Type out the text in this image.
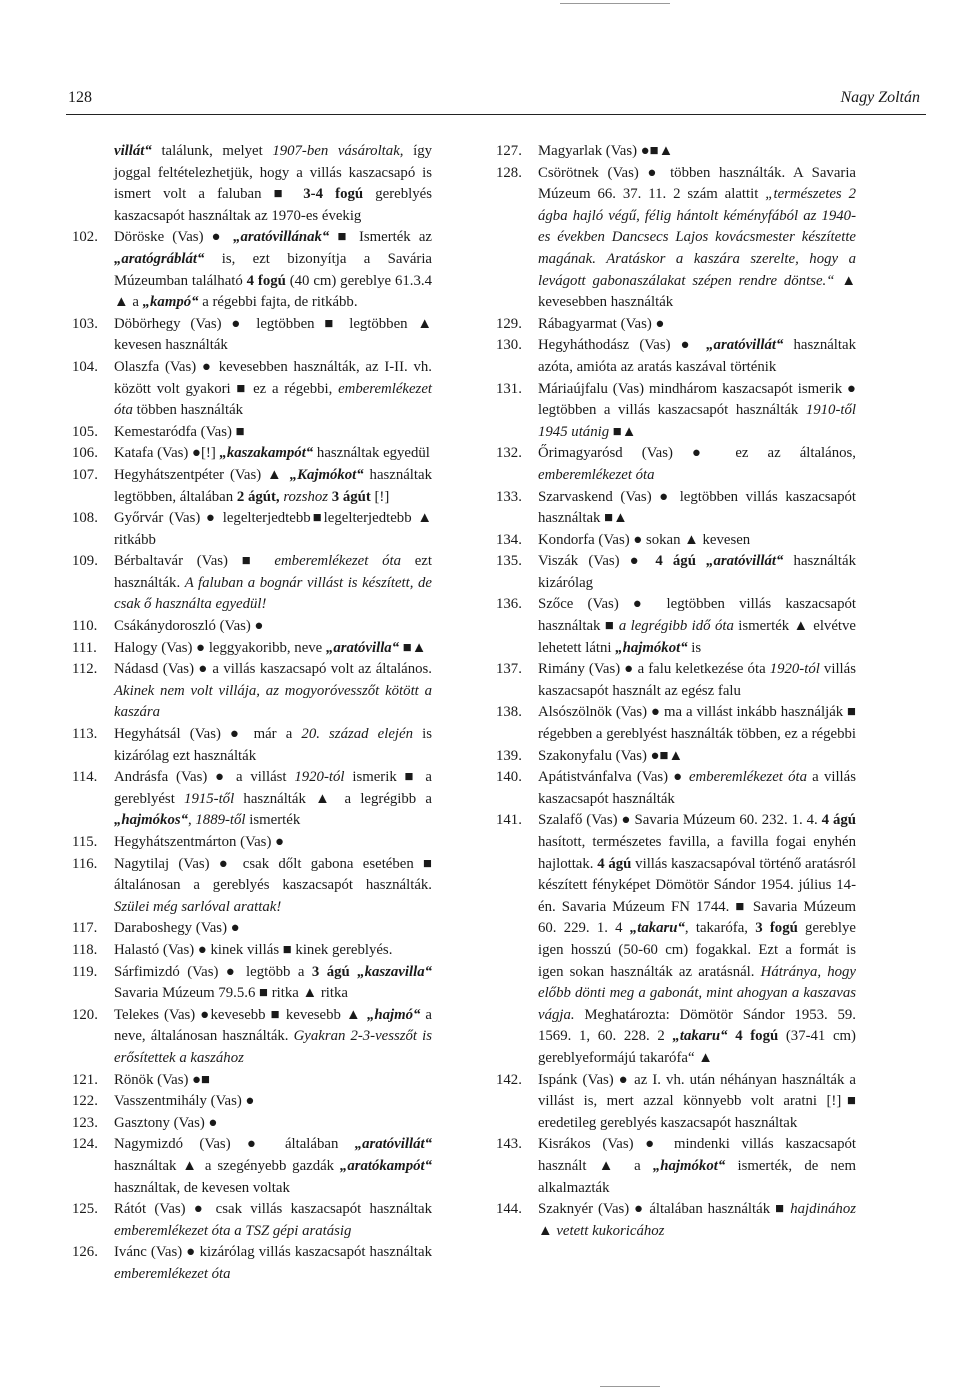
128	Nagy Zoltán
villát“ találunk, melyet 1907-ben vásároltak, így joggal feltételezhetjük, hogy a villás kaszacsapó is ismert volt a faluban ■ 3-4 fogú gereblyés kaszacsapót használtak az 1970-es évekig
102. Döröske (Vas) ● „aratóvillának“ ■ Ismerték az „aratógráblát“ is, ezt bizonyítja a Savária Múzeumban található 4 fogú (40 cm) gereblye 61.3.4 ▲ a „kampó“ a régebbi fajta, de ritkább.
103. Döbörhegy (Vas) ● legtöbben ■ legtöbben ▲ kevesen használták
104. Olaszfa (Vas) ● kevesebben használták, az I-II. vh. között volt gyakori ■ ez a régebbi, emberemlékezet óta többen használták
105. Kemestaródfa (Vas) ■
106. Katafa (Vas) ●[!] „kaszakampót“ használtak egyedül
107. Hegyhátszentpéter (Vas) ▲ „Kajmókot“ használtak legtöbben, általában 2 ágút, rozshoz 3 ágút [!]
108. Győrvár (Vas) ● legelterjedtebb■legelterjedtebb ▲ ritkább
109. Bérbaltavár (Vas) ■ emberemlékezet óta ezt használták. A faluban a bognár villást is készített, de csak ő használta egyedül!
110. Csákánydoroszló (Vas) ●
111. Halogy (Vas) ● leggyakoribb, neve „aratóvilla“ ■▲
112. Nádasd (Vas) ● a villás kaszacsapó volt az általános. Akinek nem volt villája, az mogyoróvesszőt kötött a kaszára
113. Hegyhátsál (Vas) ● már a 20. század elején is kizárólag ezt használták
114. Andrásfa (Vas) ● a villást 1920-tól ismerik ■ a gereblyést 1915-től használták ▲ a legrégibb a „hajmókos“, 1889-től ismerték
115. Hegyhátszentmárton (Vas) ●
116. Nagytilaj (Vas) ● csak dőlt gabona esetében ■ általánosan a gereblyés kaszacsapót használták. Szülei még sarlóval arattak!
117. Daraboshegy (Vas) ●
118. Halastó (Vas) ● kinek villás ■ kinek gereblyés.
119. Sárfimizdó (Vas) ● legtöbb a 3 ágú „kaszavilla“ Savaria Múzeum 79.5.6 ■ ritka ▲ ritka
120. Telekes (Vas) ●kevesebb ■ kevesebb ▲ „hajmó“ a neve, általánosan használták. Gyakran 2-3-vesszőt is erősítettek a kaszához
121. Rönök (Vas) ●■
122. Vasszentmihály (Vas) ●
123. Gasztony (Vas) ●
124. Nagymizdó (Vas) ● általában „aratóvillát“ használtak ▲ a szegényebb gazdák „aratókampót“ használtak, de kevesen voltak
125. Rátót (Vas) ● csak villás kaszacsapót használtak emberemlékezet óta a TSZ gépi aratásig
126. Ivánc (Vas) ● kizárólag villás kaszacsapót használtak emberemlékezet óta
127. Magyarlak (Vas) ●■▲
128. Csörötnek (Vas) ● többen használták. A Savaria Múzeum 66. 37. 11. 2 szám alattit „természetes 2 ágba hajló végű, félig hántolt kéményfából az 1940-es években Dancsecs Lajos kovácsmester készítette magának. Aratáskor a kaszára szerelte, hogy a levágott gabonaszálakat szépen rendre döntse.“ ▲ kevesebben használták
129. Rábagyarmat (Vas) ●
130. Hegyháthodász (Vas) ● „aratóvillát“ használtak azóta, amióta az aratás kaszával történik
131. Máriaújfalu (Vas) mindhárom kaszacsapót ismerik ● legtöbben a villás kaszacsapót használták 1910-től 1945 utánig ■▲
132. Őrimagyarósd (Vas) ● ez az általános, emberemlékezet óta
133. Szarvaskend (Vas) ● legtöbben villás kaszacsapót használtak ■▲
134. Kondorfa (Vas) ● sokan ▲ kevesen
135. Viszák (Vas) ● 4 ágú „aratóvillát“ használták kizárólag
136. Szőce (Vas) ● legtöbben villás kaszacsapót használtak ■ a legrégibb idő óta ismerték ▲ elvétve lehetett látni „hajmókot“ is
137. Rimány (Vas) ● a falu keletkezése óta 1920-tól villás kaszacsapót használt az egész falu
138. Alsószölnök (Vas) ● ma a villást inkább használják ■ régebben a gereblyést használták többen, ez a régebbi
139. Szakonyfalu (Vas) ●■▲
140. Apátistvánfalva (Vas) ● emberemlékezet óta a villás kaszacsapót használták
141. Szalafő (Vas) ● Savaria Múzeum 60. 232. 1. 4. 4 ágú hasított, természetes favilla, a favilla fogai enyhén hajlottak. 4 ágú villás kaszacsapóval történő aratásról készített fényképet Dömötör Sándor 1954. július 14-én. Savaria Múzeum FN 1744. ■ Savaria Múzeum 60. 229. 1. 4 „takaru“, takarófa, 3 fogú gereblye igen hosszú (50-60 cm) fogakkal. Ezt a formát is igen sokan használták az aratásnál. Hátránya, hogy előbb dönti meg a gabonát, mint ahogyan a kaszavas vágja. Meghatározta: Dömötör Sándor 1953. 59. 1569. 1, 60. 228. 2 „takaru“ 4 fogú (37-41 cm) gereblyeformájú takarófa“ ▲
142. Ispánk (Vas) ● az I. vh. után néhányan használták a villást is, mert azzal könnyebb volt aratni [!]■ eredetileg gereblyés kaszacsapót használtak
143. Kisrákos (Vas) ● mindenki villás kaszacsapót használt ▲ a „hajmókot“ ismerték, de nem alkalmazták
144. Szaknyér (Vas) ● általában használták ■ hajdinához ▲ vetett kukoricához
